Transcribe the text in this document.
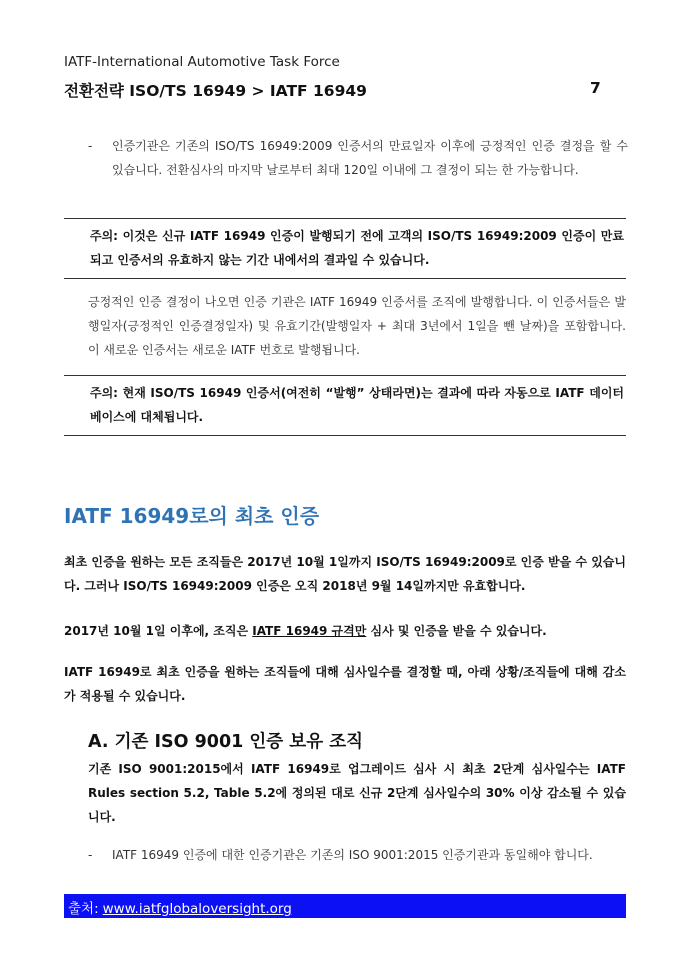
IATF-International Automotive Task Force
전환전략 ISO/TS 16949 > IATF 16949	7
- 인증기관은 기존의 ISO/TS 16949:2009 인증서의 만료일자 이후에 긍정적인 인증 결정을 할 수 있습니다. 전환심사의 마지막 날로부터 최대 120일 이내에 그 결정이 되는 한 가능합니다.
주의: 이것은 신규 IATF 16949 인증이 발행되기 전에 고객의 ISO/TS 16949:2009 인증이 만료되고 인증서의 유효하지 않는 기간 내에서의 결과일 수 있습니다.
긍정적인 인증 결정이 나오면 인증 기관은 IATF 16949 인증서를 조직에 발행합니다. 이 인증서들은 발행일자(긍정적인 인증결정일자) 및 유효기간(발행일자 + 최대 3년에서 1일을 뺀 날짜)을 포함합니다. 이 새로운 인증서는 새로운 IATF 번호로 발행됩니다.
주의: 현재 ISO/TS 16949 인증서(여전히 “발행” 상태라면)는 결과에 따라 자동으로 IATF 데이터베이스에 대체됩니다.
IATF 16949로의 최초 인증
최초 인증을 원하는 모든 조직들은 2017년 10월 1일까지 ISO/TS 16949:2009로 인증 받을 수 있습니다. 그러나 ISO/TS 16949:2009 인증은 오직 2018년 9월 14일까지만 유효합니다.
2017년 10월 1일 이후에, 조직은 IATF 16949 규격만 심사 및 인증을 받을 수 있습니다.
IATF 16949로 최초 인증을 원하는 조직들에 대해 심사일수를 결정할 때, 아래 상황/조직들에 대해 감소가 적용될 수 있습니다.
A. 기존 ISO 9001 인증 보유 조직
기존 ISO 9001:2015에서 IATF 16949로 업그레이드 심사 시 최초 2단계 심사일수는 IATF Rules section 5.2, Table 5.2에 정의된 대로 신규 2단계 심사일수의 30% 이상 감소될 수 있습니다.
- IATF 16949 인증에 대한 인증기관은 기존의 ISO 9001:2015 인증기관과 동일해야 합니다.
출처: www.iatfglobaloversight.org
